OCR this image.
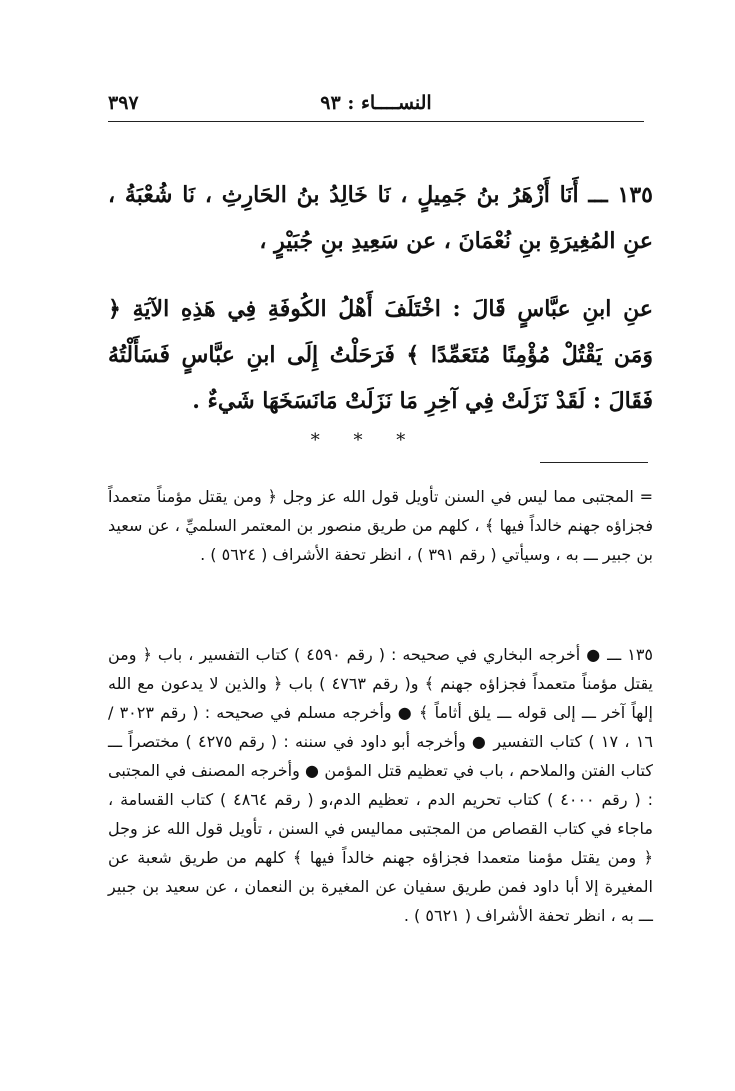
النســــاء : ٩٣
٣٩٧

١٣٥ ـــ أَنَا أَزْهَرُ بنُ جَمِيلٍ ، نَا خَالِدُ بنُ الحَارِثِ ، نَا شُعْبَةُ ، عنِ المُغِيرَةِ بنِ نُعْمَانَ ، عن سَعِيدِ بنِ جُبَيْرٍ ،

عنِ ابنِ عبَّاسٍ قَالَ : اخْتَلَفَ أَهْلُ الكُوفَةِ فِي هَذِهِ الآيَةِ ﴿ وَمَن يَقْتُلْ مُؤْمِنًا مُتَعَمِّدًا ﴾ فَرَحَلْتُ إِلَى ابنِ عبَّاسٍ فَسَأَلْتُهُ فَقَالَ : لَقَدْ نَزَلَتْ فِي آخِرِ مَا نَزَلَتْ مَانَسَخَهَا شَيءٌ .

* * *

= المجتبى مما ليس في السنن تأويل قول الله عز وجل ﴿ ومن يقتل مؤمناً متعمداً فجزاؤه جهنم خالداً فيها ﴾ ، كلهم من طريق منصور بن المعتمر السلميِّ ، عن سعيد بن جبير ـــ به ، وسيأتي ( رقم ٣٩١ ) ، انظر تحفة الأشراف ( ٥٦٢٤ ) .

١٣٥ ـــ ● أخرجه البخاري في صحيحه : ( رقم ٤٥٩٠ ) كتاب التفسير ، باب ﴿ ومن يقتل مؤمناً متعمداً فجزاؤه جهنم ﴾ و( رقم ٤٧٦٣ ) باب ﴿ والذين لا يدعون مع الله إلهاً آخر ـــ إلى قوله ـــ يلق أثاماً ﴾ ● وأخرجه مسلم في صحيحه : ( رقم ٣٠٢٣ / ١٦ ، ١٧ ) كتاب التفسير ● وأخرجه أبو داود في سننه : ( رقم ٤٢٧٥ ) مختصراً ـــ كتاب الفتن والملاحم ، باب في تعظيم قتل المؤمن ● وأخرجه المصنف في المجتبى : ( رقم ٤٠٠٠ ) كتاب تحريم الدم ، تعظيم الدم،و ( رقم ٤٨٦٤ ) كتاب القسامة ، ماجاء في كتاب القصاص من المجتبى مماليس في السنن ، تأويل قول الله عز وجل ﴿ ومن يقتل مؤمنا متعمدا فجزاؤه جهنم خالداً فيها ﴾ كلهم من طريق شعبة عن المغيرة إلا أبا داود فمن طريق سفيان عن المغيرة بن النعمان ، عن سعيد بن جبير ـــ به ، انظر تحفة الأشراف ( ٥٦٢١ ) .
